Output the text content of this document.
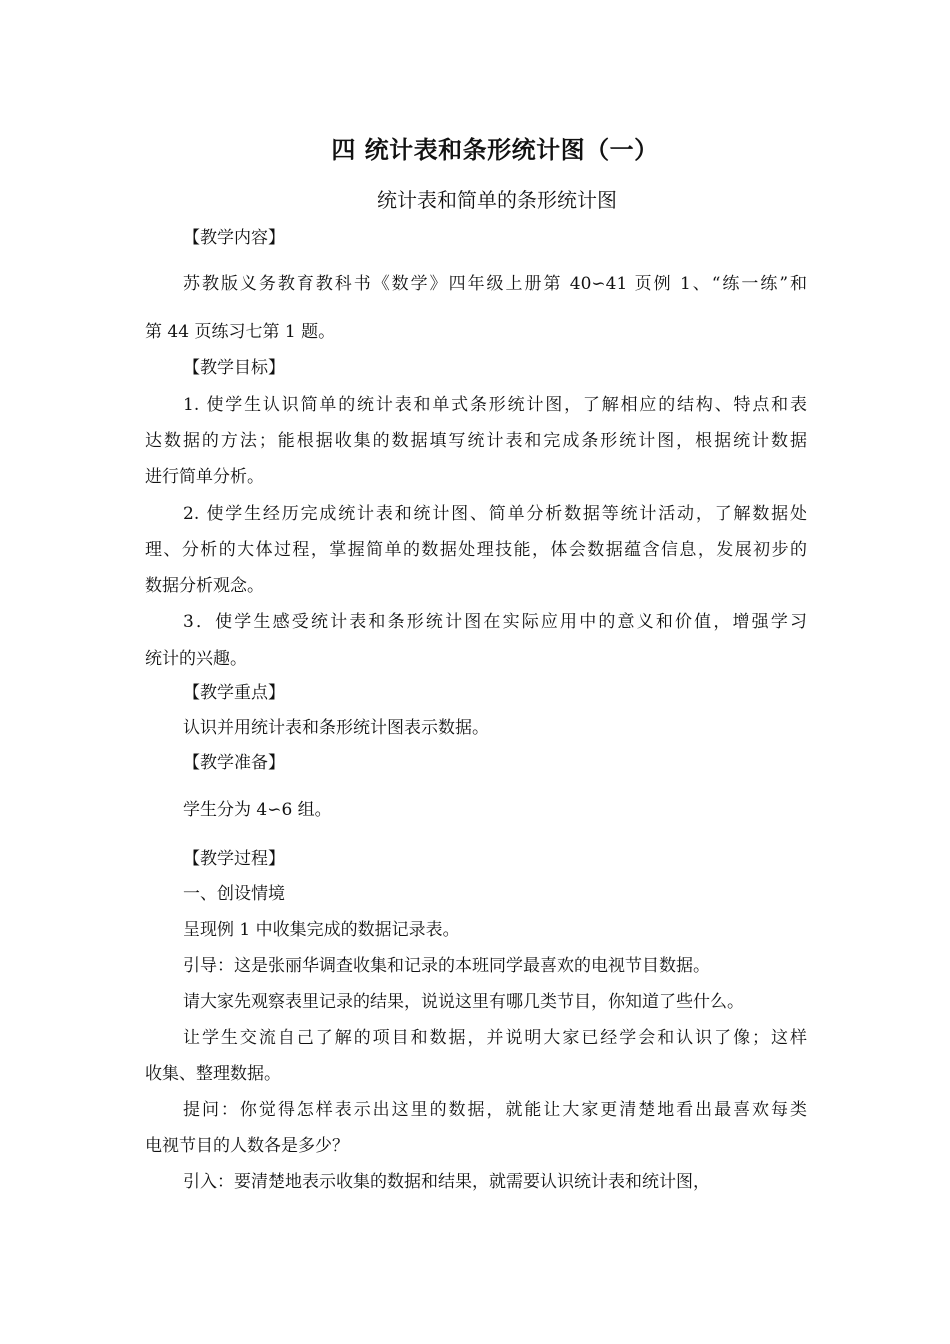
四 统计表和条形统计图（一）
统计表和简单的条形统计图
【教学内容】
苏教版义务教育教科书《数学》四年级上册第 40∽41 页例 1、“练一练”和
第 44 页练习七第 1 题。
【教学目标】
1. 使学生认识简单的统计表和单式条形统计图，了解相应的结构、特点和表
达数据的方法；能根据收集的数据填写统计表和完成条形统计图，根据统计数据
进行简单分析。
2. 使学生经历完成统计表和统计图、简单分析数据等统计活动，了解数据处
理、分析的大体过程，掌握简单的数据处理技能，体会数据蕴含信息，发展初步的
数据分析观念。
3．使学生感受统计表和条形统计图在实际应用中的意义和价值，增强学习
统计的兴趣。
【教学重点】
认识并用统计表和条形统计图表示数据。
【教学准备】
学生分为 4∽6 组。
【教学过程】
一、创设情境
呈现例 1 中收集完成的数据记录表。
引导：这是张丽华调查收集和记录的本班同学最喜欢的电视节目数据。
请大家先观察表里记录的结果，说说这里有哪几类节目，你知道了些什么。
让学生交流自己了解的项目和数据，并说明大家已经学会和认识了像；这样
收集、整理数据。
提问：你觉得怎样表示出这里的数据，就能让大家更清楚地看出最喜欢每类
电视节目的人数各是多少？
引入：要清楚地表示收集的数据和结果，就需要认识统计表和统计图，
